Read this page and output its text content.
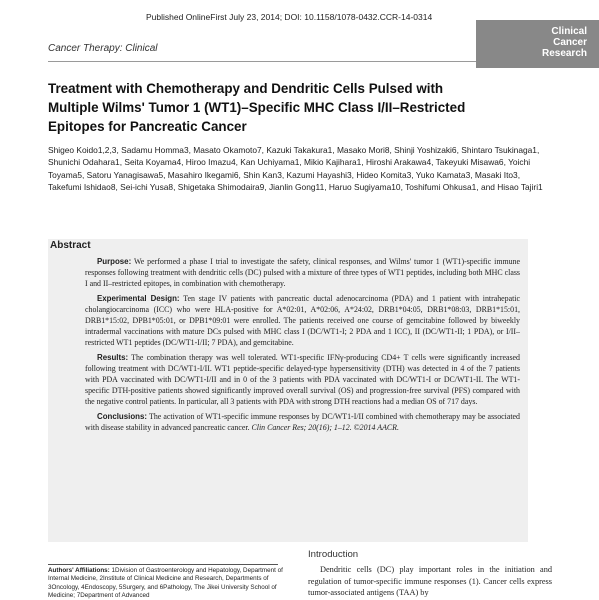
Published OnlineFirst July 23, 2014; DOI: 10.1158/1078-0432.CCR-14-0314
Clinical
Cancer
Research
Cancer Therapy: Clinical
Treatment with Chemotherapy and Dendritic Cells Pulsed with Multiple Wilms' Tumor 1 (WT1)–Specific MHC Class I/II–Restricted Epitopes for Pancreatic Cancer
Shigeo Koido1,2,3, Sadamu Homma3, Masato Okamoto7, Kazuki Takakura1, Masako Mori8, Shinji Yoshizaki6, Shintaro Tsukinaga1, Shunichi Odahara1, Seita Koyama4, Hiroo Imazu4, Kan Uchiyama1, Mikio Kajihara1, Hiroshi Arakawa4, Takeyuki Misawa6, Yoichi Toyama5, Satoru Yanagisawa5, Masahiro Ikegami6, Shin Kan3, Kazumi Hayashi3, Hideo Komita3, Yuko Kamata3, Masaki Ito3, Takefumi Ishidao8, Sei-ichi Yusa8, Shigetaka Shimodaira9, Jianlin Gong11, Haruo Sugiyama10, Toshifumi Ohkusa1, and Hisao Tajiri1
Abstract

Purpose: We performed a phase I trial to investigate the safety, clinical responses, and Wilms' tumor 1 (WT1)-specific immune responses following treatment with dendritic cells (DC) pulsed with a mixture of three types of WT1 peptides, including both MHC class I and II–restricted epitopes, in combination with chemotherapy.

Experimental Design: Ten stage IV patients with pancreatic ductal adenocarcinoma (PDA) and 1 patient with intrahepatic cholangiocarcinoma (ICC) who were HLA-positive for A*02:01, A*02:06, A*24:02, DRB1*04:05, DRB1*08:03, DRB1*15:01, DRB1*15:02, DPB1*05:01, or DPB1*09:01 were enrolled. The patients received one course of gemcitabine followed by biweekly intradermal vaccinations with mature DCs pulsed with MHC class I (DC/WT1-I; 2 PDA and 1 ICC), II (DC/WT1-II; 1 PDA), or I/II–restricted WT1 peptides (DC/WT1-I/II; 7 PDA), and gemcitabine.

Results: The combination therapy was well tolerated. WT1-specific IFNγ-producing CD4+ T cells were significantly increased following treatment with DC/WT1-I/II. WT1 peptide-specific delayed-type hypersensitivity (DTH) was detected in 4 of the 7 patients with PDA vaccinated with DC/WT1-I/II and in 0 of the 3 patients with PDA vaccinated with DC/WT1-I or DC/WT1-II. The WT1-specific DTH-positive patients showed significantly improved overall survival (OS) and progression-free survival (PFS) compared with the negative control patients. In particular, all 3 patients with PDA with strong DTH reactions had a median OS of 717 days.

Conclusions: The activation of WT1-specific immune responses by DC/WT1-I/II combined with chemotherapy may be associated with disease stability in advanced pancreatic cancer. Clin Cancer Res; 20(16); 1–12. ©2014 AACR.

Authors' Affiliations: 1Division of Gastroenterology and Hepatology, Department of Internal Medicine, 2Institute of Clinical Medicine and Research, Departments of 3Oncology, 4Endoscopy, 5Surgery, and 6Pathology, The Jikei University School of Medicine; 7Department of Advanced
Introduction
Dendritic cells (DC) play important roles in the initiation and regulation of tumor-specific immune responses (1). Cancer cells express tumor-associated antigens (TAA) by
